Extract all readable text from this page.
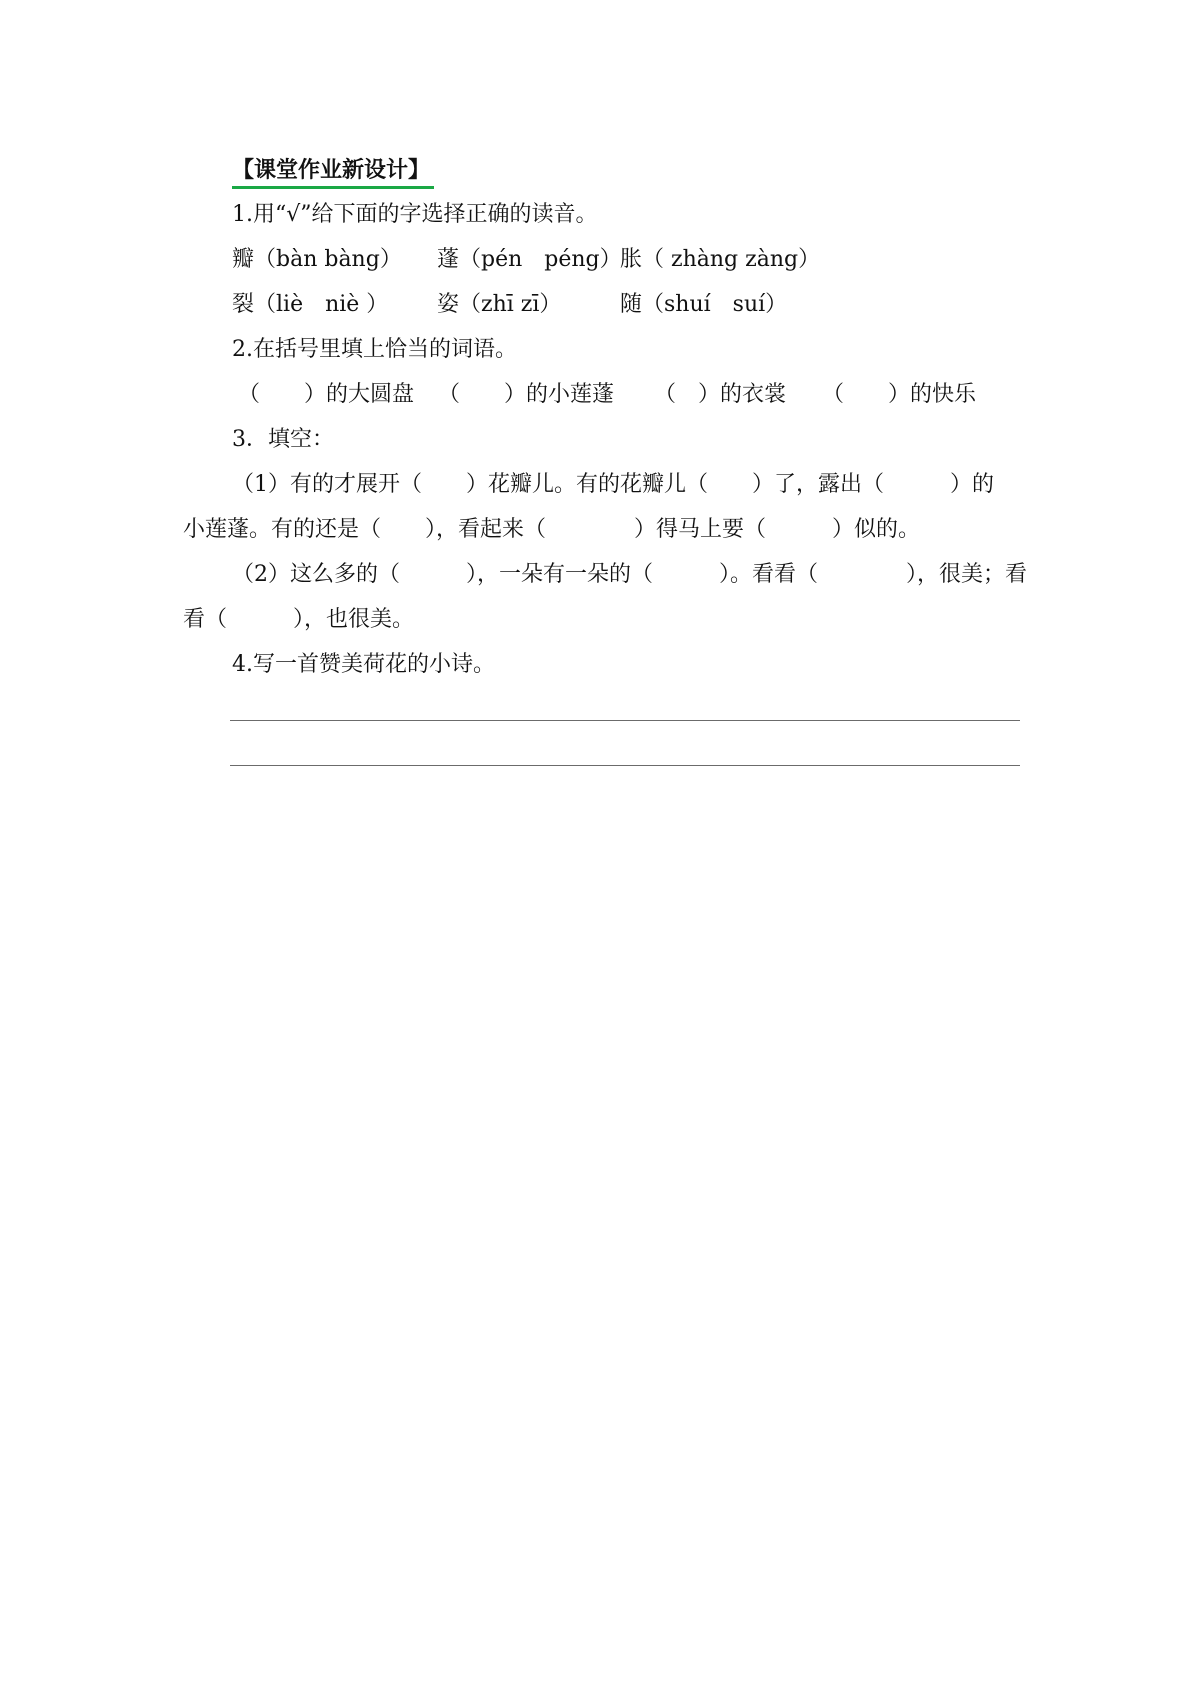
【课堂作业新设计】
1.用“√”给下面的字选择正确的读音。
瓣（bàn bàng） 蓬（pén　péng）
胀（ zhàng zàng）
裂（liè　niè ） 姿（zhī zī）	随（shuí　suí）
2.在括号里填上恰当的词语。
（　　）的大圆盘 （　　）的小莲蓬 （　）的衣裳 （　　）的快乐
3．填空：
（1）有的才展开（　　）花瓣儿。有的花瓣儿（　　）了，露出（　　　）的
小莲蓬。有的还是（　　），看起来（　　　　）得马上要（　　　）似的。
（2）这么多的（　　　），一朵有一朵的（　　　）。看看（　　　　），很美；看
看（　　　），也很美。
4.写一首赞美荷花的小诗。
